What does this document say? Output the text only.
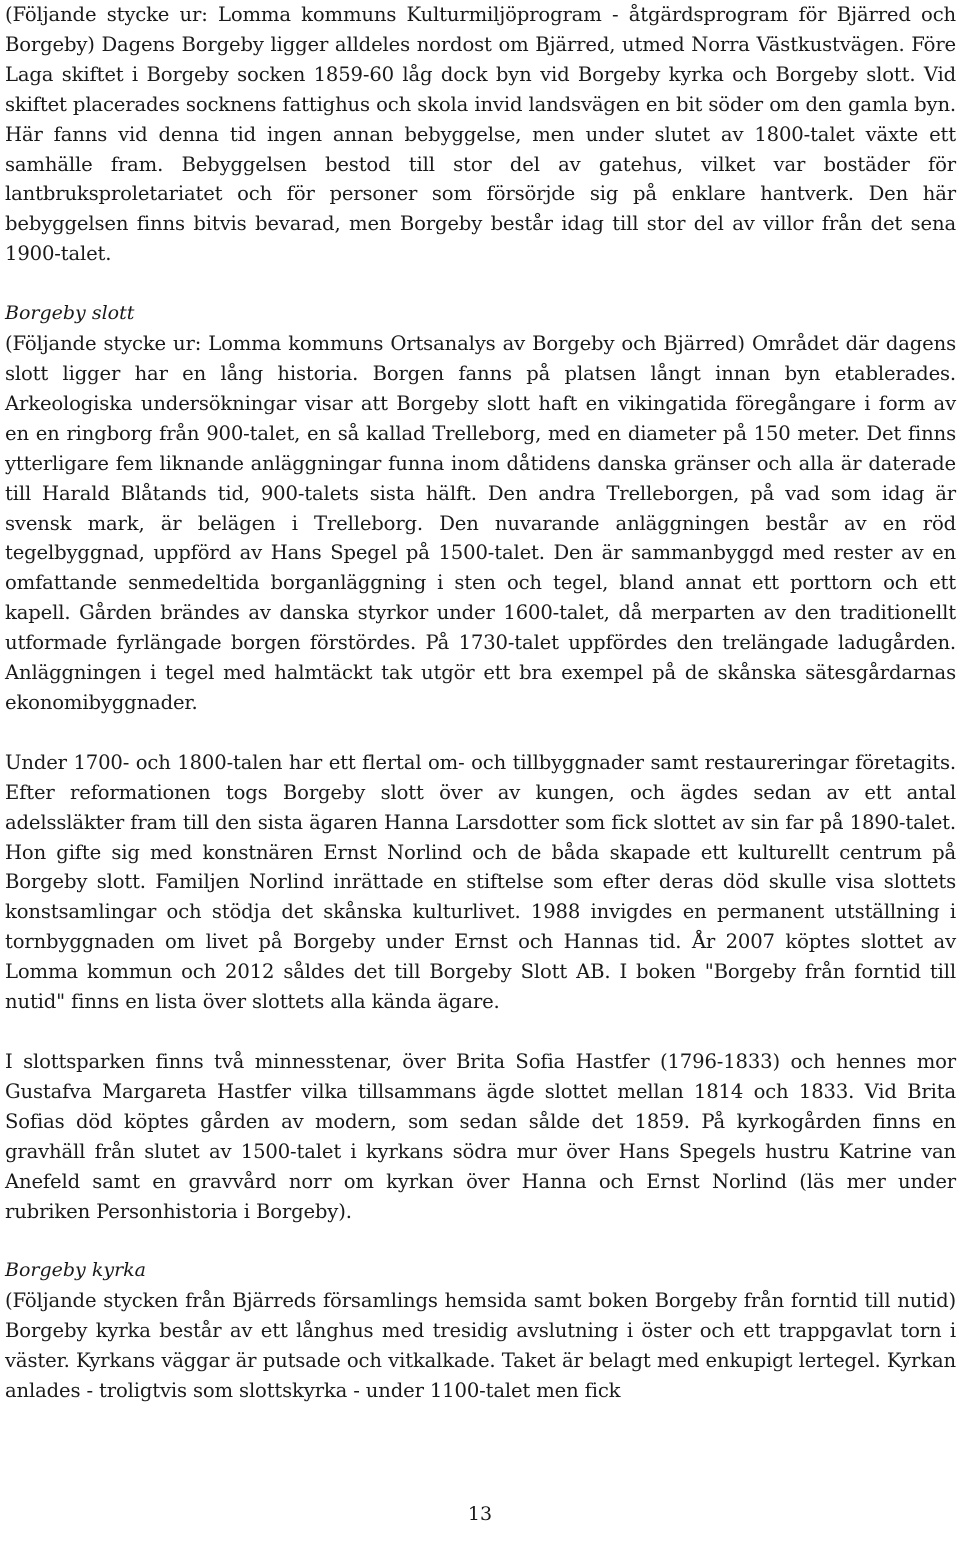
(Följande stycke ur: Lomma kommuns Kulturmiljöprogram - åtgärdsprogram för Bjärred och Borgeby) Dagens Borgeby ligger alldeles nordost om Bjärred, utmed Norra Västkustvägen. Före Laga skiftet i Borgeby socken 1859-60 låg dock byn vid Borgeby kyrka och Borgeby slott. Vid skiftet placerades socknens fattighus och skola invid landsvägen en bit söder om den gamla byn. Här fanns vid denna tid ingen annan bebyggelse, men under slutet av 1800-talet växte ett samhälle fram. Bebyggelsen bestod till stor del av gatehus, vilket var bostäder för lantbruksproletariatet och för personer som försörjde sig på enklare hantverk. Den här bebyggelsen finns bitvis bevarad, men Borgeby består idag till stor del av villor från det sena 1900-talet.

Borgeby slott

(Följande stycke ur: Lomma kommuns Ortsanalys av Borgeby och Bjärred) Området där dagens slott ligger har en lång historia. Borgen fanns på platsen långt innan byn etablerades. Arkeologiska undersökningar visar att Borgeby slott haft en vikingatida föregångare i form av en en ringborg från 900-talet, en så kallad Trelleborg, med en diameter på 150 meter. Det finns ytterligare fem liknande anläggningar funna inom dåtidens danska gränser och alla är daterade till Harald Blåtands tid, 900-talets sista hälft. Den andra Trelleborgen, på vad som idag är svensk mark, är belägen i Trelleborg. Den nuvarande anläggningen består av en röd tegelbyggnad, uppförd av Hans Spegel på 1500-talet. Den är sammanbyggd med rester av en omfattande senmedeltida borganläggning i sten och tegel, bland annat ett porttorn och ett kapell. Gården brändes av danska styrkor under 1600-talet, då merparten av den traditionellt utformade fyrlängade borgen förstördes. På 1730-talet uppfördes den trelängade ladugården. Anläggningen i tegel med halmtäckt tak utgör ett bra exempel på de skånska sätesgårdarnas ekonomibyggnader.

Under 1700- och 1800-talen har ett flertal om- och tillbyggnader samt restaureringar företagits. Efter reformationen togs Borgeby slott över av kungen, och ägdes sedan av ett antal adelssläkter fram till den sista ägaren Hanna Larsdotter som fick slottet av sin far på 1890-talet. Hon gifte sig med konstnären Ernst Norlind och de båda skapade ett kulturellt centrum på Borgeby slott. Familjen Norlind inrättade en stiftelse som efter deras död skulle visa slottets konstsamlingar och stödja det skånska kulturlivet. 1988 invigdes en permanent utställning i tornbyggnaden om livet på Borgeby under Ernst och Hannas tid. År 2007 köptes slottet av Lomma kommun och 2012 såldes det till Borgeby Slott AB. I boken "Borgeby från forntid till nutid" finns en lista över slottets alla kända ägare.

I slottsparken finns två minnesstenar, över Brita Sofia Hastfer (1796-1833) och hennes mor Gustafva Margareta Hastfer vilka tillsammans ägde slottet mellan 1814 och 1833. Vid Brita Sofias död köptes gården av modern, som sedan sålde det 1859. På kyrkogården finns en gravhäll från slutet av 1500-talet i kyrkans södra mur över Hans Spegels hustru Katrine van Anefeld samt en gravvård norr om kyrkan över Hanna och Ernst Norlind (läs mer under rubriken Personhistoria i Borgeby).

Borgeby kyrka

(Följande stycken från Bjärreds församlings hemsida samt boken Borgeby från forntid till nutid) Borgeby kyrka består av ett långhus med tresidig avslutning i öster och ett trappgavlat torn i väster. Kyrkans väggar är putsade och vitkalkade. Taket är belagt med enkupigt lertegel. Kyrkan anlades - troligtvis som slottskyrka - under 1100-talet men fick

13
